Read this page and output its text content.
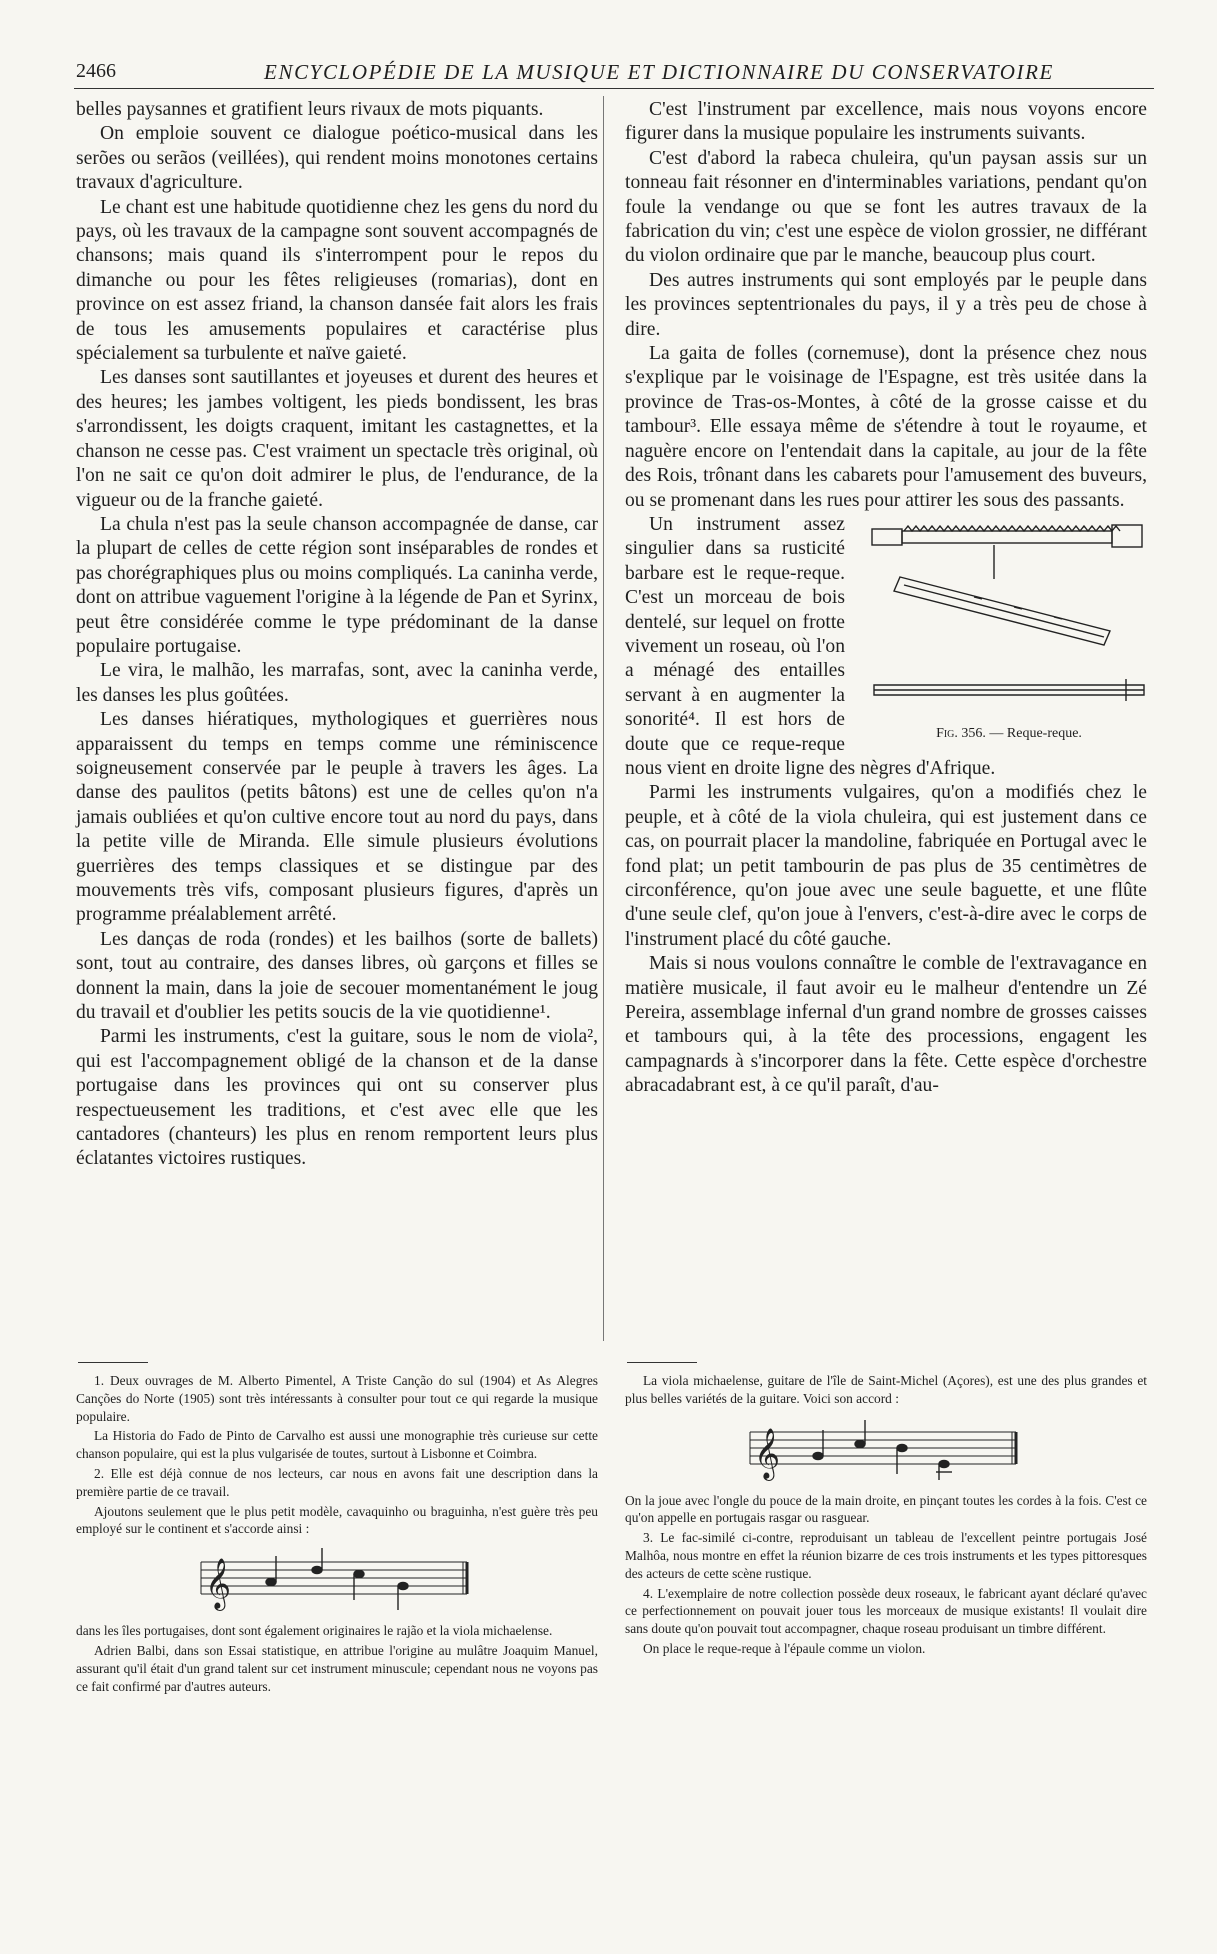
2466	ENCYCLOPÉDIE DE LA MUSIQUE ET DICTIONNAIRE DU CONSERVATOIRE

belles paysannes et gratifient leurs rivaux de mots piquants.

On emploie souvent ce dialogue poético-musical dans les serões ou serãos (veillées), qui rendent moins monotones certains travaux d'agriculture.

Le chant est une habitude quotidienne chez les gens du nord du pays, où les travaux de la campagne sont souvent accompagnés de chansons; mais quand ils s'interrompent pour le repos du dimanche ou pour les fêtes religieuses (romarias), dont en province on est assez friand, la chanson dansée fait alors les frais de tous les amusements populaires et caractérise plus spécialement sa turbulente et naïve gaieté.

Les danses sont sautillantes et joyeuses et durent des heures et des heures; les jambes voltigent, les pieds bondissent, les bras s'arrondissent, les doigts craquent, imitant les castagnettes, et la chanson ne cesse pas. C'est vraiment un spectacle très original, où l'on ne sait ce qu'on doit admirer le plus, de l'endurance, de la vigueur ou de la franche gaieté.

La chula n'est pas la seule chanson accompagnée de danse, car la plupart de celles de cette région sont inséparables de rondes et pas chorégraphiques plus ou moins compliqués. La caninha verde, dont on attribue vaguement l'origine à la légende de Pan et Syrinx, peut être considérée comme le type prédominant de la danse populaire portugaise.

Le vira, le malhão, les marrafas, sont, avec la caninha verde, les danses les plus goûtées.

Les danses hiératiques, mythologiques et guerrières nous apparaissent du temps en temps comme une réminiscence soigneusement conservée par le peuple à travers les âges. La danse des paulitos (petits bâtons) est une de celles qu'on n'a jamais oubliées et qu'on cultive encore tout au nord du pays, dans la petite ville de Miranda. Elle simule plusieurs évolutions guerrières des temps classiques et se distingue par des mouvements très vifs, composant plusieurs figures, d'après un programme préalablement arrêté.

Les danças de roda (rondes) et les bailhos (sorte de ballets) sont, tout au contraire, des danses libres, où garçons et filles se donnent la main, dans la joie de secouer momentanément le joug du travail et d'oublier les petits soucis de la vie quotidienne¹.

Parmi les instruments, c'est la guitare, sous le nom de viola², qui est l'accompagnement obligé de la chanson et de la danse portugaise dans les provinces qui ont su conserver plus respectueusement les traditions, et c'est avec elle que les cantadores (chanteurs) les plus en renom remportent leurs plus éclatantes victoires rustiques.

1. Deux ouvrages de M. Alberto Pimentel, A Triste Canção do sul (1904) et As Alegres Canções do Norte (1905) sont très intéressants à consulter pour tout ce qui regarde la musique populaire.

La Historia do Fado de Pinto de Carvalho est aussi une monographie très curieuse sur cette chanson populaire, qui est la plus vulgarisée de toutes, surtout à Lisbonne et Coimbra.

2. Elle est déjà connue de nos lecteurs, car nous en avons fait une description dans la première partie de ce travail.

Ajoutons seulement que le plus petit modèle, cavaquinho ou braguinha, n'est guère très peu employé sur le continent et s'accorde ainsi :

𝄞

dans les îles portugaises, dont sont également originaires le rajão et la viola michaelense.

Adrien Balbi, dans son Essai statistique, en attribue l'origine au mulâtre Joaquim Manuel, assurant qu'il était d'un grand talent sur cet instrument minuscule; cependant nous ne voyons pas ce fait confirmé par d'autres auteurs.

C'est l'instrument par excellence, mais nous voyons encore figurer dans la musique populaire les instruments suivants.

C'est d'abord la rabeca chuleira, qu'un paysan assis sur un tonneau fait résonner en d'interminables variations, pendant qu'on foule la vendange ou que se font les autres travaux de la fabrication du vin; c'est une espèce de violon grossier, ne différant du violon ordinaire que par le manche, beaucoup plus court.

Des autres instruments qui sont employés par le peuple dans les provinces septentrionales du pays, il y a très peu de chose à dire.

La gaita de folles (cornemuse), dont la présence chez nous s'explique par le voisinage de l'Espagne, est très usitée dans la province de Tras-os-Montes, à côté de la grosse caisse et du tambour³. Elle essaya même de s'étendre à tout le royaume, et naguère encore on l'entendait dans la capitale, au jour de la fête des Rois, trônant dans les cabarets pour l'amusement des buveurs, ou se promenant dans les rues pour attirer les sous des passants.

Fig. 356. — Reque-reque.

Un instrument assez singulier dans sa rusticité barbare est le reque-reque. C'est un morceau de bois dentelé, sur lequel on frotte vivement un roseau, où l'on a ménagé des entailles servant à en augmenter la sonorité⁴. Il est hors de doute que ce reque-reque nous vient en droite ligne des nègres d'Afrique.

Parmi les instruments vulgaires, qu'on a modifiés chez le peuple, et à côté de la viola chuleira, qui est justement dans ce cas, on pourrait placer la mandoline, fabriquée en Portugal avec le fond plat; un petit tambourin de pas plus de 35 centimètres de circonférence, qu'on joue avec une seule baguette, et une flûte d'une seule clef, qu'on joue à l'envers, c'est-à-dire avec le corps de l'instrument placé du côté gauche.

Mais si nous voulons connaître le comble de l'extravagance en matière musicale, il faut avoir eu le malheur d'entendre un Zé Pereira, assemblage infernal d'un grand nombre de grosses caisses et tambours qui, à la tête des processions, engagent les campagnards à s'incorporer dans la fête. Cette espèce d'orchestre abracadabrant est, à ce qu'il paraît, d'au-

La viola michaelense, guitare de l'île de Saint-Michel (Açores), est une des plus grandes et plus belles variétés de la guitare. Voici son accord :

𝄞

On la joue avec l'ongle du pouce de la main droite, en pinçant toutes les cordes à la fois. C'est ce qu'on appelle en portugais rasgar ou rasguear.

3. Le fac-similé ci-contre, reproduisant un tableau de l'excellent peintre portugais José Malhôa, nous montre en effet la réunion bizarre de ces trois instruments et les types pittoresques des acteurs de cette scène rustique.

4. L'exemplaire de notre collection possède deux roseaux, le fabricant ayant déclaré qu'avec ce perfectionnement on pouvait jouer tous les morceaux de musique existants! Il voulait dire sans doute qu'on pouvait tout accompagner, chaque roseau produisant un timbre différent.

On place le reque-reque à l'épaule comme un violon.
